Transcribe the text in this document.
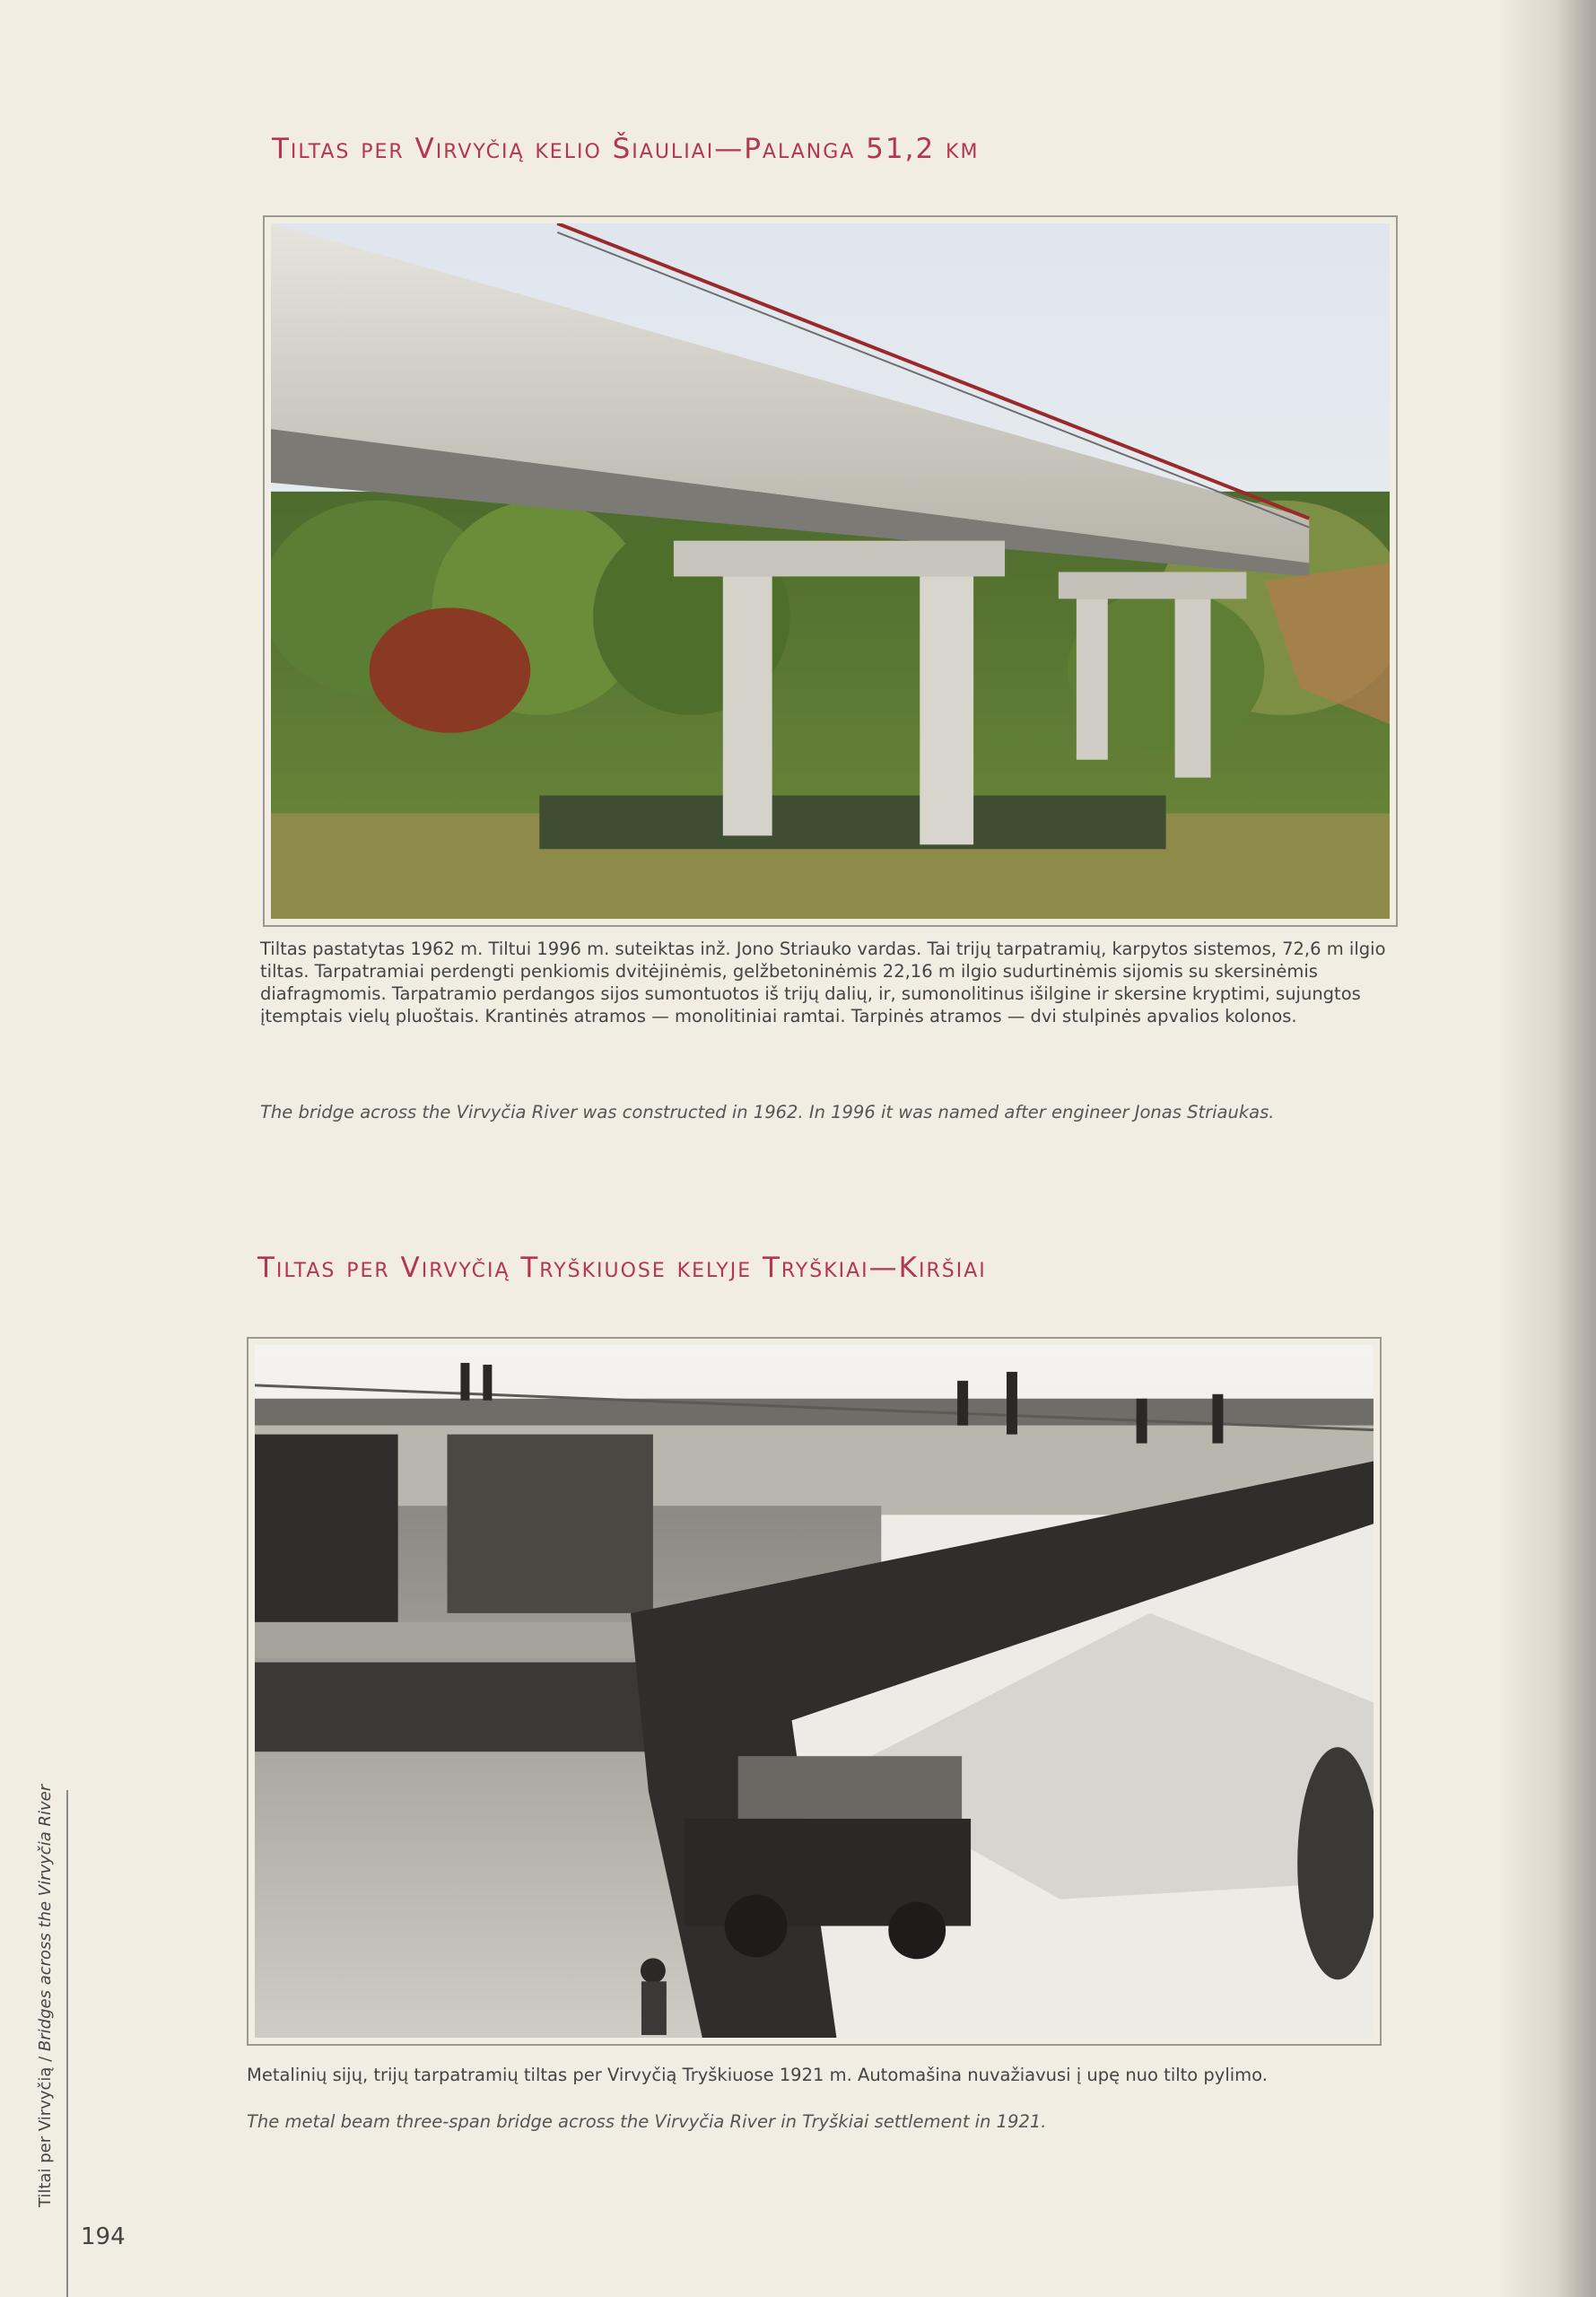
Tiltas per Virvyčią kelio Šiauliai—Palanga 51,2 km
Tiltas pastatytas 1962 m. Tiltui 1996 m. suteiktas inž. Jono Striauko vardas. Tai trijų tarpatramių, karpytos sistemos, 72,6 m ilgio tiltas. Tarpatramiai perdengti penkiomis dvitėjinėmis, gelžbetoninėmis 22,16 m ilgio sudurtinėmis sijomis su skersinėmis diafragmomis. Tarpatramio perdangos sijos sumontuotos iš trijų dalių, ir, sumonolitinus išilgine ir skersine kryptimi, sujungtos įtemptais vielų pluoštais. Krantinės atramos — monolitiniai ramtai. Tarpinės atramos — dvi stulpinės apvalios kolonos.
The bridge across the Virvyčia River was constructed in 1962. In 1996 it was named after engineer Jonas Striaukas.
Tiltas per Virvyčią Tryškiuose kelyje Tryškiai—Kiršiai
Metalinių sijų, trijų tarpatramių tiltas per Virvyčią Tryškiuose 1921 m. Automašina nuvažiavusi į upę nuo tilto pylimo.
The metal beam three-span bridge across the Virvyčia River in Tryškiai settlement in 1921.
Tiltai per Virvyčią / Bridges across the Virvyčia River
194
